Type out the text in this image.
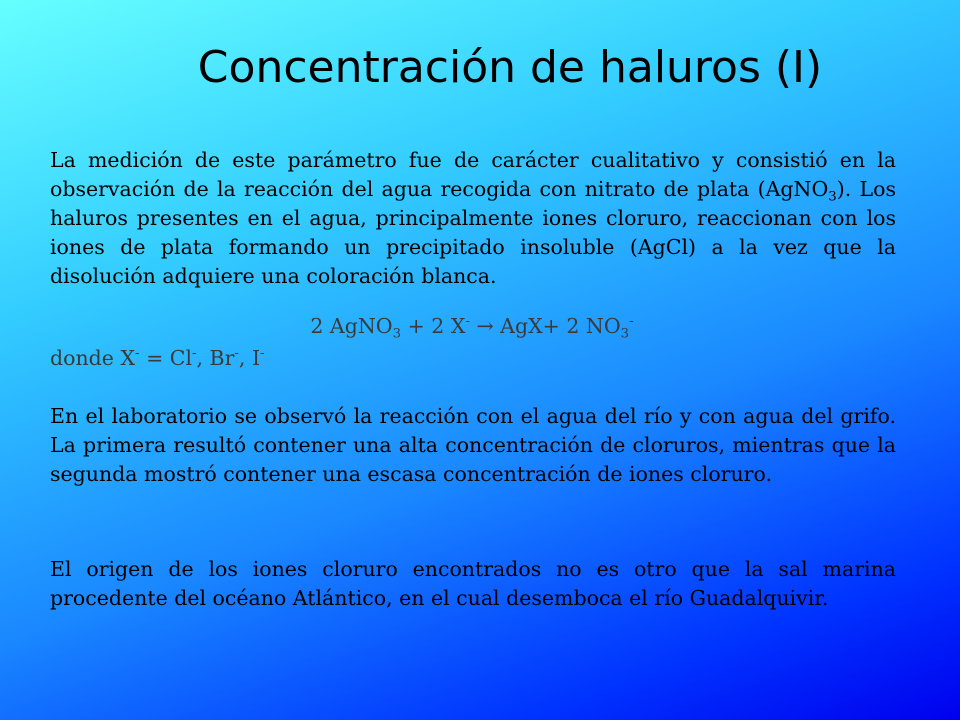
Concentración de haluros (I)

La medición de este parámetro fue de carácter cualitativo y consistió en la observación de la reacción del agua recogida con nitrato de plata (AgNO$_3$). Los haluros presentes en el agua, principalmente iones cloruro, reaccionan con los iones de plata formando un precipitado insoluble (AgCl) a la vez que la disolución adquiere una coloración blanca.

2 AgNO$_3$ + 2 X- → AgX+ 2 $NO_3^-$

donde X- = Cl-, Br-, I-

En el laboratorio se observó la reacción con el agua del río y con agua del grifo. La primera resultó contener una alta concentración de cloruros, mientras que la segunda mostró contener una escasa concentración de iones cloruro.

El origen de los iones cloruro encontrados no es otro que la sal marina procedente del océano Atlántico, en el cual desemboca el río Guadalquivir.
